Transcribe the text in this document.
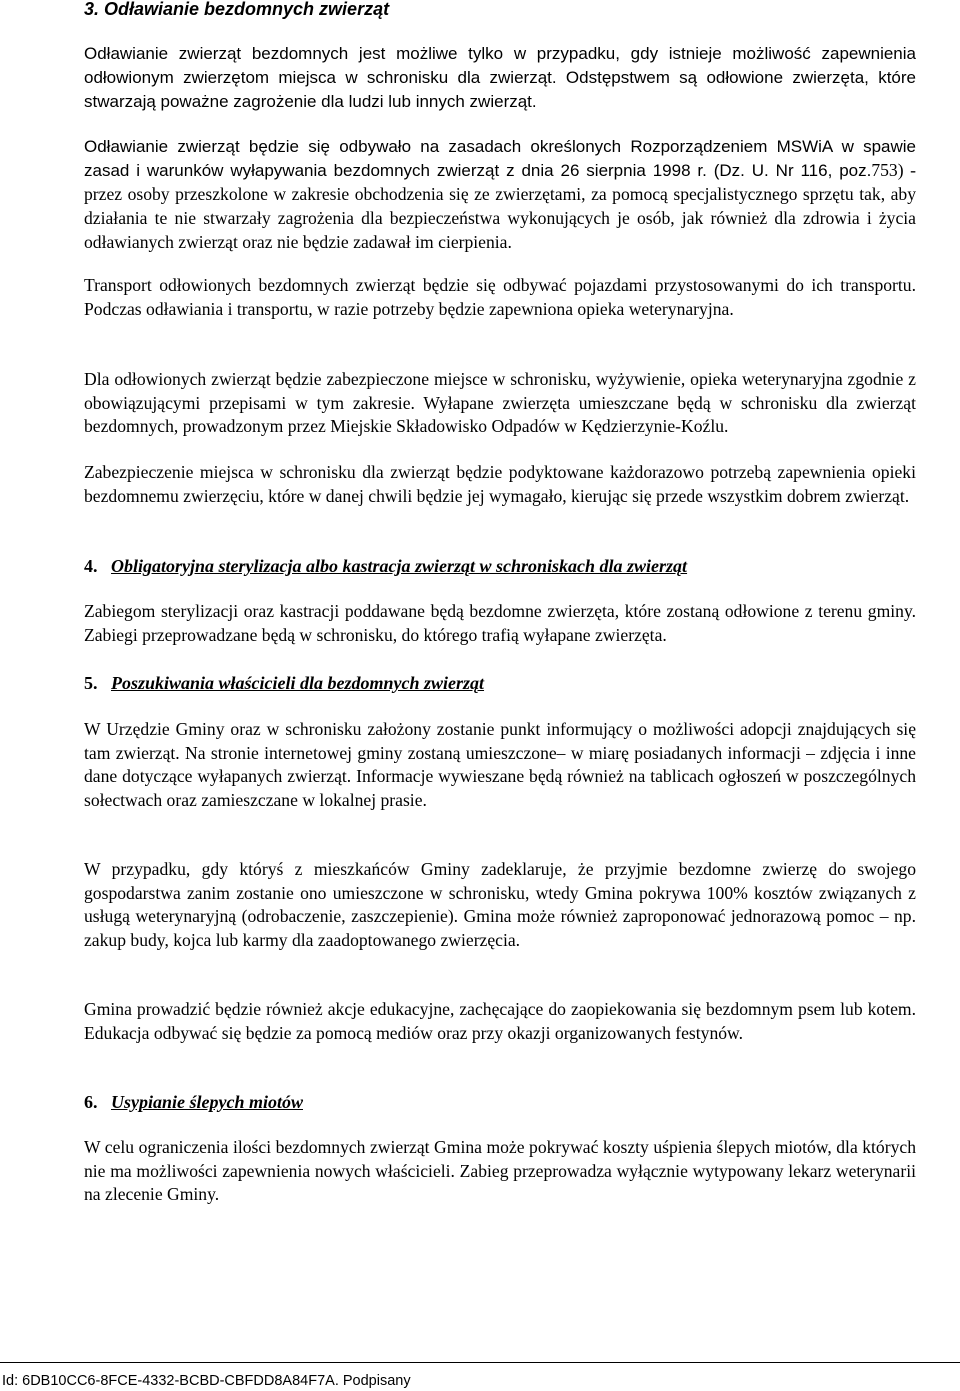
3. Odławianie bezdomnych zwierząt

Odławianie zwierząt bezdomnych jest możliwe tylko w przypadku, gdy istnieje możliwość zapewnienia odłowionym zwierzętom miejsca w schronisku dla zwierząt. Odstępstwem są odłowione zwierzęta, które stwarzają poważne zagrożenie dla ludzi lub innych zwierząt.

Odławianie zwierząt będzie się odbywało na zasadach określonych Rozporządzeniem MSWiA w spawie zasad i warunków wyłapywania bezdomnych zwierząt z dnia 26 sierpnia 1998 r. (Dz. U. Nr 116, poz.753) - przez osoby przeszkolone w zakresie obchodzenia się ze zwierzętami, za pomocą specjalistycznego sprzętu tak, aby działania te nie stwarzały zagrożenia dla bezpieczeństwa wykonujących je osób, jak również dla zdrowia i życia odławianych zwierząt oraz nie będzie zadawał im cierpienia.

Transport odłowionych bezdomnych zwierząt będzie się odbywać pojazdami przystosowanymi do ich transportu. Podczas odławiania i transportu, w razie potrzeby będzie zapewniona opieka weterynaryjna.

Dla odłowionych zwierząt będzie zabezpieczone miejsce w schronisku, wyżywienie, opieka weterynaryjna zgodnie z obowiązującymi przepisami w tym zakresie. Wyłapane zwierzęta umieszczane będą w schronisku dla zwierząt bezdomnych, prowadzonym przez Miejskie Składowisko Odpadów w Kędzierzynie-Koźlu.

Zabezpieczenie miejsca w schronisku dla zwierząt będzie podyktowane każdorazowo potrzebą zapewnienia opieki bezdomnemu zwierzęciu, które w danej chwili będzie jej wymagało, kierując się przede wszystkim dobrem zwierząt.

4. Obligatoryjna sterylizacja albo kastracja zwierząt w schroniskach dla zwierząt

Zabiegom sterylizacji oraz kastracji poddawane będą bezdomne zwierzęta, które zostaną odłowione z terenu gminy. Zabiegi przeprowadzane będą w schronisku, do którego trafią wyłapane zwierzęta.

5. Poszukiwania właścicieli dla bezdomnych zwierząt

W Urzędzie Gminy oraz w schronisku założony zostanie punkt informujący o możliwości adopcji znajdujących się tam zwierząt. Na stronie internetowej gminy zostaną umieszczone– w miarę posiadanych informacji – zdjęcia i inne dane dotyczące wyłapanych zwierząt. Informacje wywieszane będą również na tablicach ogłoszeń w poszczególnych sołectwach oraz zamieszczane w lokalnej prasie.

W przypadku, gdy któryś z mieszkańców Gminy zadeklaruje, że przyjmie bezdomne zwierzę do swojego gospodarstwa zanim zostanie ono umieszczone w schronisku, wtedy Gmina pokrywa 100% kosztów związanych z usługą weterynaryjną (odrobaczenie, zaszczepienie). Gmina może również zaproponować jednorazową pomoc – np. zakup budy, kojca lub karmy dla zaadoptowanego zwierzęcia.

Gmina prowadzić będzie również akcje edukacyjne, zachęcające do zaopiekowania się bezdomnym psem lub kotem. Edukacja odbywać się będzie za pomocą mediów oraz przy okazji organizowanych festynów.

6. Usypianie ślepych miotów

W celu ograniczenia ilości bezdomnych zwierząt Gmina może pokrywać koszty uśpienia ślepych miotów, dla których nie ma możliwości zapewnienia nowych właścicieli. Zabieg przeprowadza wyłącznie wytypowany lekarz weterynarii na zlecenie Gminy.

Id: 6DB10CC6-8FCE-4332-BCBD-CBFDD8A84F7A. Podpisany
